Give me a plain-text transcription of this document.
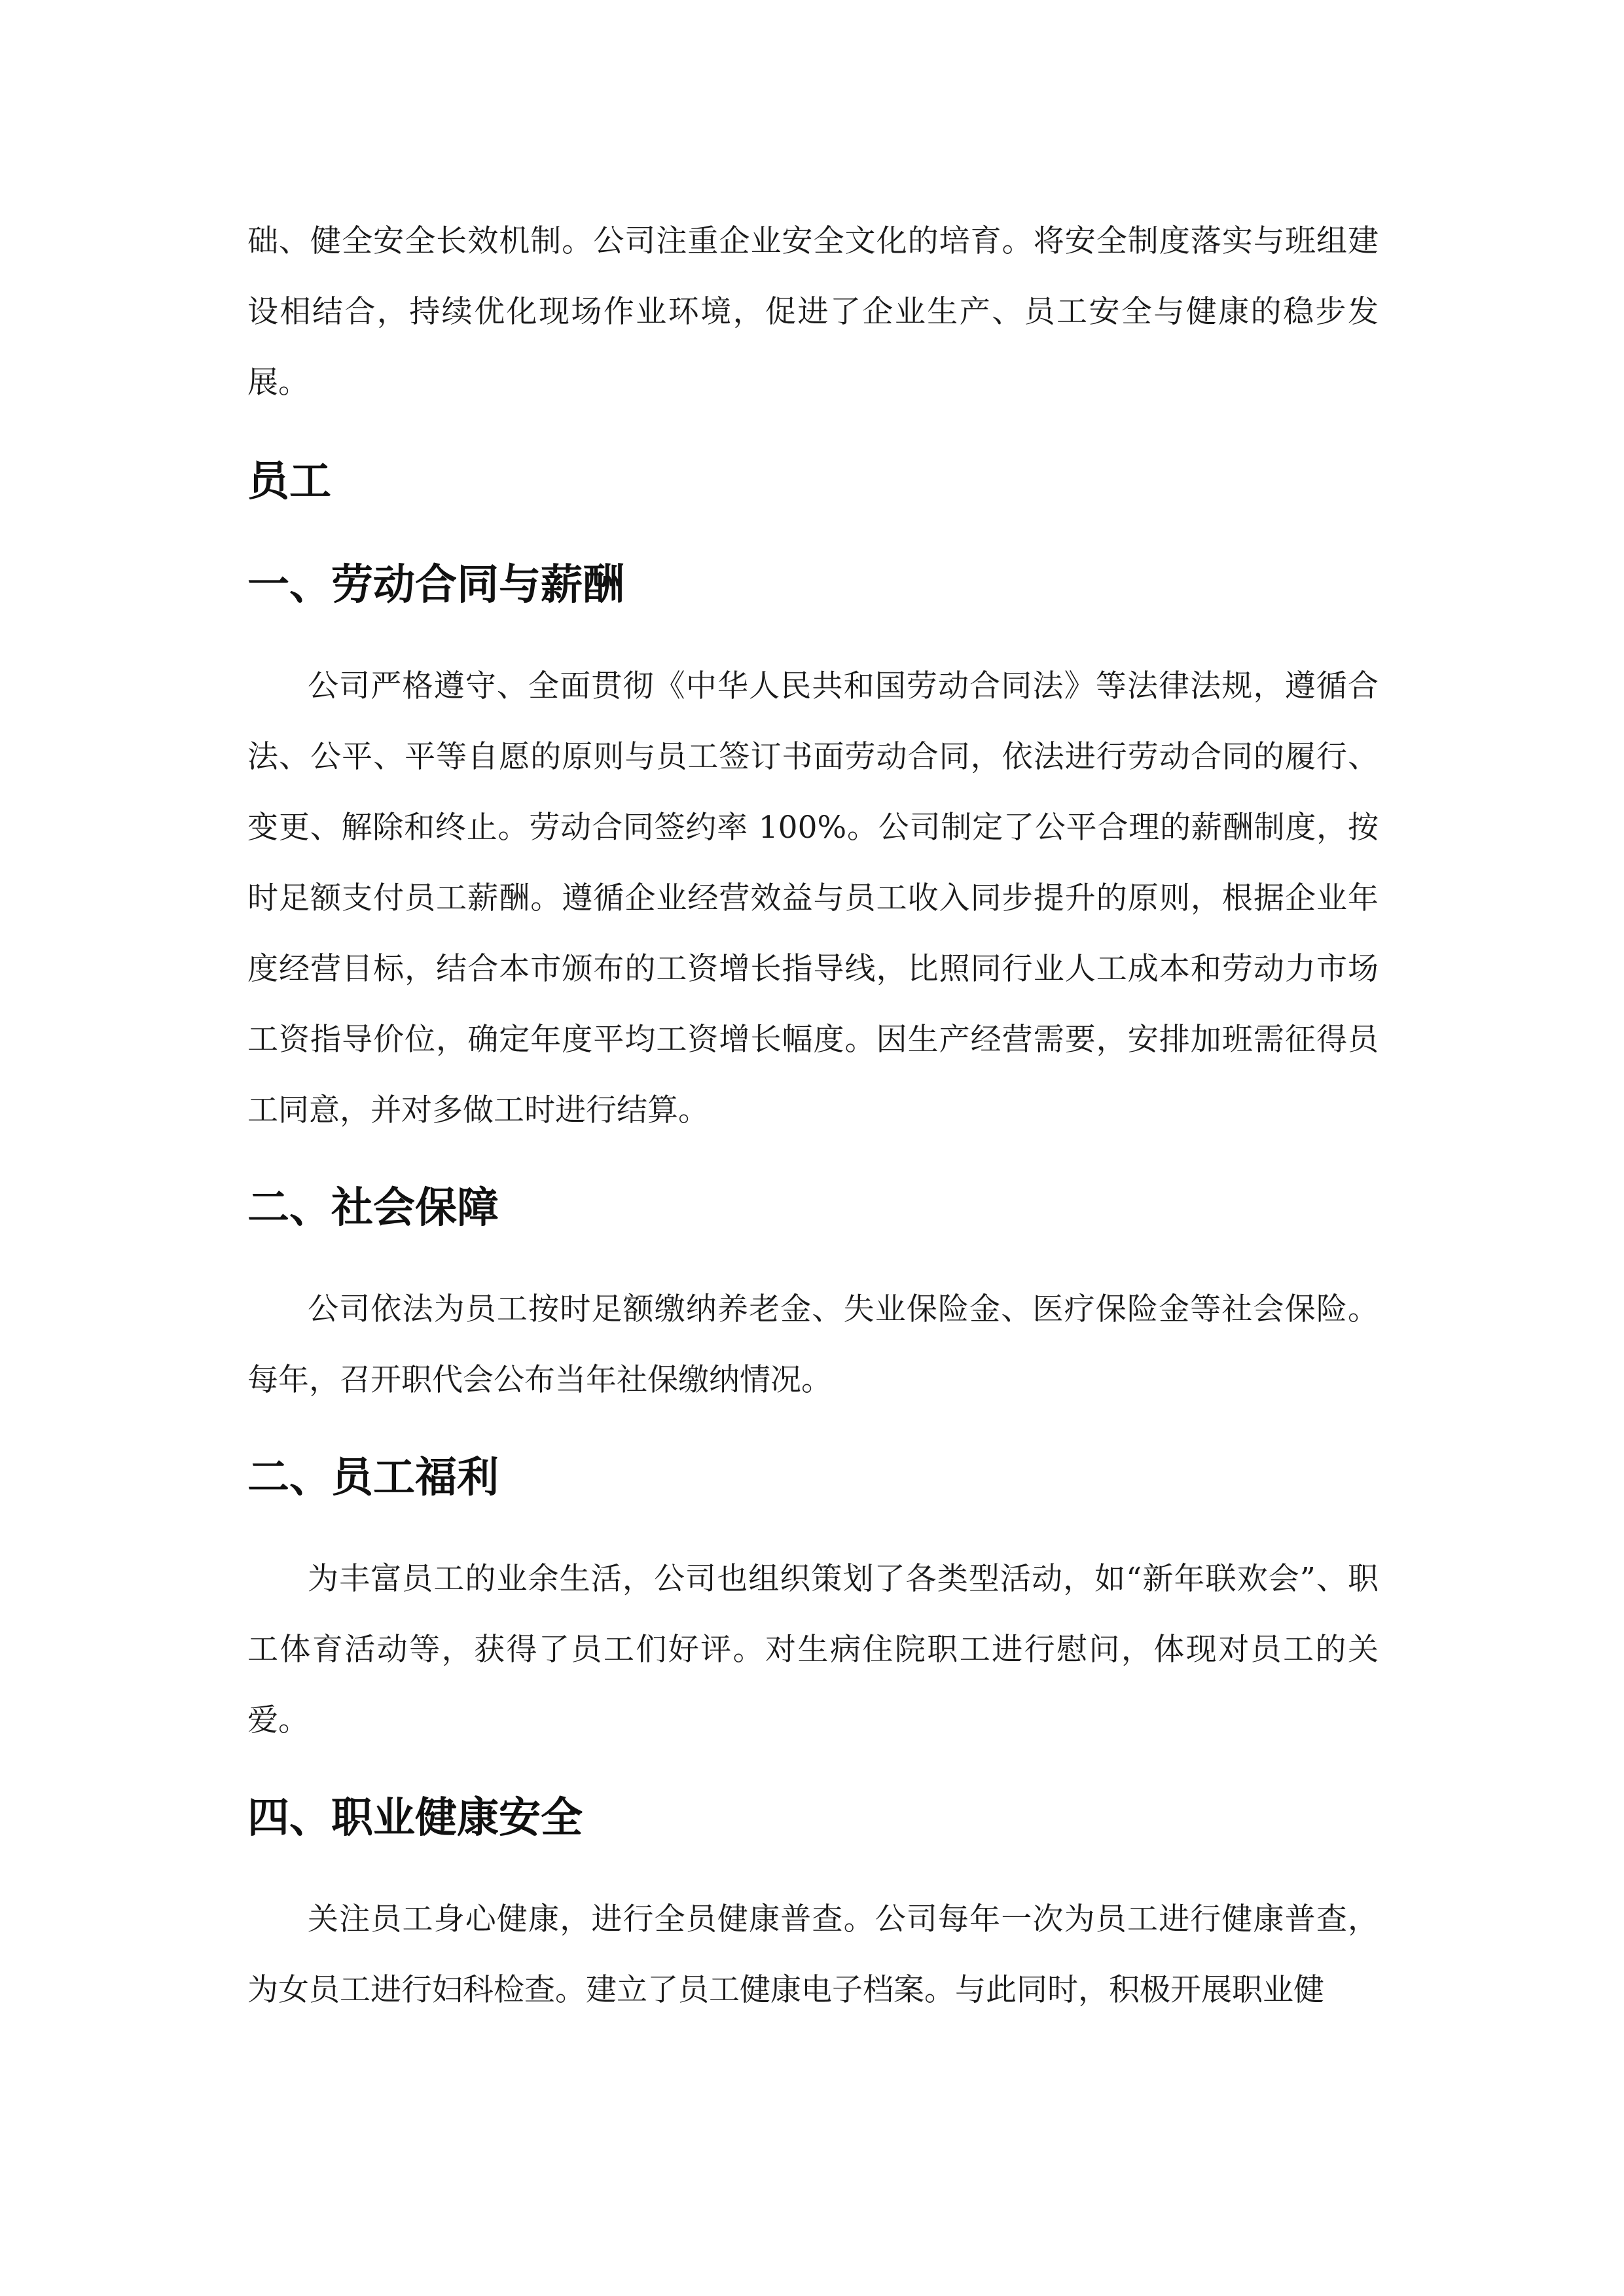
础、健全安全长效机制。公司注重企业安全文化的培育。将安全制度落实与班组建设相结合，持续优化现场作业环境，促进了企业生产、员工安全与健康的稳步发展。

员工
一、劳动合同与薪酬

公司严格遵守、全面贯彻《中华人民共和国劳动合同法》等法律法规，遵循合法、公平、平等自愿的原则与员工签订书面劳动合同，依法进行劳动合同的履行、变更、解除和终止。劳动合同签约率 100%。公司制定了公平合理的薪酬制度，按时足额支付员工薪酬。遵循企业经营效益与员工收入同步提升的原则，根据企业年度经营目标，结合本市颁布的工资增长指导线，比照同行业人工成本和劳动力市场工资指导价位，确定年度平均工资增长幅度。因生产经营需要，安排加班需征得员工同意，并对多做工时进行结算。

二、社会保障

公司依法为员工按时足额缴纳养老金、失业保险金、医疗保险金等社会保险。每年，召开职代会公布当年社保缴纳情况。

二、员工福利

为丰富员工的业余生活，公司也组织策划了各类型活动，如“新年联欢会”、职工体育活动等，获得了员工们好评。对生病住院职工进行慰问，体现对员工的关爱。

四、职业健康安全

关注员工身心健康，进行全员健康普查。公司每年一次为员工进行健康普查，为女员工进行妇科检查。建立了员工健康电子档案。与此同时，积极开展职业健
